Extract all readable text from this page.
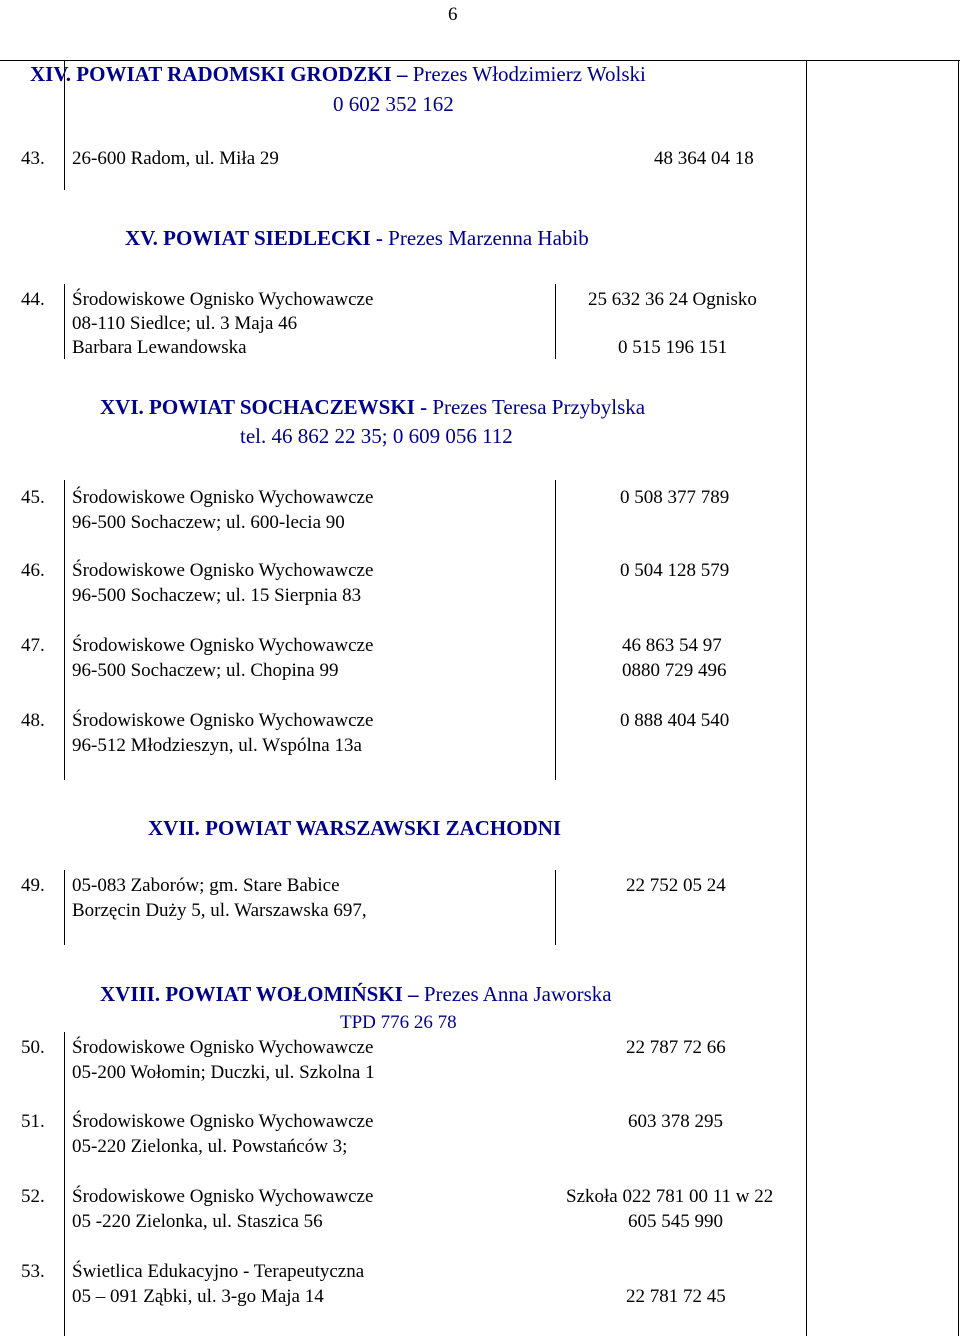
6
XIV. POWIAT RADOMSKI GRODZKI – Prezes Włodzimierz Wolski
0 602 352 162
43. 26-600 Radom, ul. Miła 29	48 364 04 18
XV. POWIAT SIEDLECKI - Prezes Marzenna Habib
44. Środowiskowe Ognisko Wychowawcze
08-110 Siedlce; ul. 3 Maja 46
Barbara Lewandowska
25 632 36 24 Ognisko
0 515 196 151
XVI. POWIAT SOCHACZEWSKI - Prezes Teresa Przybylska
tel. 46 862 22 35; 0 609 056 112
45. Środowiskowe Ognisko Wychowawcze
96-500 Sochaczew; ul. 600-lecia 90
0 508 377 789
46. Środowiskowe Ognisko Wychowawcze
96-500 Sochaczew; ul. 15 Sierpnia 83
0 504 128 579
47. Środowiskowe Ognisko Wychowawcze
96-500 Sochaczew; ul. Chopina 99
46 863 54 97
0880 729 496
48. Środowiskowe Ognisko Wychowawcze
96-512 Młodzieszyn, ul. Wspólna 13a
0 888 404 540
XVII. POWIAT WARSZAWSKI ZACHODNI
49. 05-083 Zaborów; gm. Stare Babice
Borzęcin Duży 5, ul. Warszawska 697,
22 752 05 24
XVIII. POWIAT WOŁOMIŃSKI – Prezes Anna Jaworska
TPD 776 26 78
50. Środowiskowe Ognisko Wychowawcze
05-200 Wołomin; Duczki, ul. Szkolna 1
22 787 72 66
51. Środowiskowe Ognisko Wychowawcze
05-220 Zielonka, ul. Powstańców 3;
603 378 295
52. Środowiskowe Ognisko Wychowawcze
05 -220 Zielonka, ul. Staszica 56
Szkoła 022 781 00 11 w 22
605 545 990
53. Świetlica Edukacyjno - Terapeutyczna
05 – 091 Ząbki, ul. 3-go Maja 14	22 781 72 45
